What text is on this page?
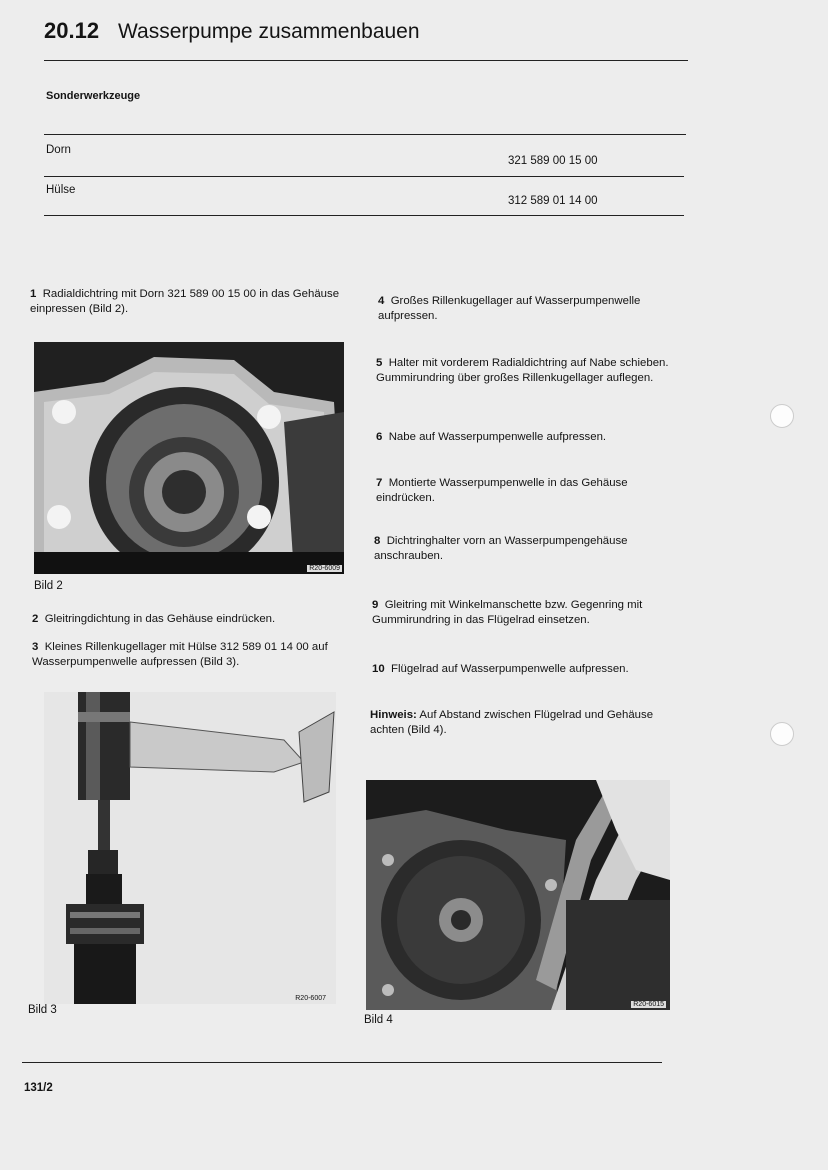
20.12 Wasserpumpe zusammenbauen
Sonderwerkzeuge
Dorn
321 589 00 15 00
Hülse
312 589 01 14 00
1 Radialdichtring mit Dorn 321 589 00 15 00 in das Gehäuse einpressen (Bild 2).
R20-6009
Bild 2
2 Gleitringdichtung in das Gehäuse eindrücken.
3 Kleines Rillenkugellager mit Hülse 312 589 01 14 00 auf Wasserpumpenwelle aufpressen (Bild 3).
R20-6007
Bild 3
4 Großes Rillenkugellager auf Wasserpumpenwelle aufpressen.
5 Halter mit vorderem Radialdichtring auf Nabe schieben. Gummirundring über großes Rillenkugellager auflegen.
6 Nabe auf Wasserpumpenwelle aufpressen.
7 Montierte Wasserpumpenwelle in das Gehäuse eindrücken.
8 Dichtringhalter vorn an Wasserpumpengehäuse anschrauben.
9 Gleitring mit Winkelmanschette bzw. Gegenring mit Gummirundring in das Flügelrad einsetzen.
10 Flügelrad auf Wasserpumpenwelle aufpressen.
Hinweis: Auf Abstand zwischen Flügelrad und Gehäuse achten (Bild 4).
R20-6015
Bild 4
131/2
